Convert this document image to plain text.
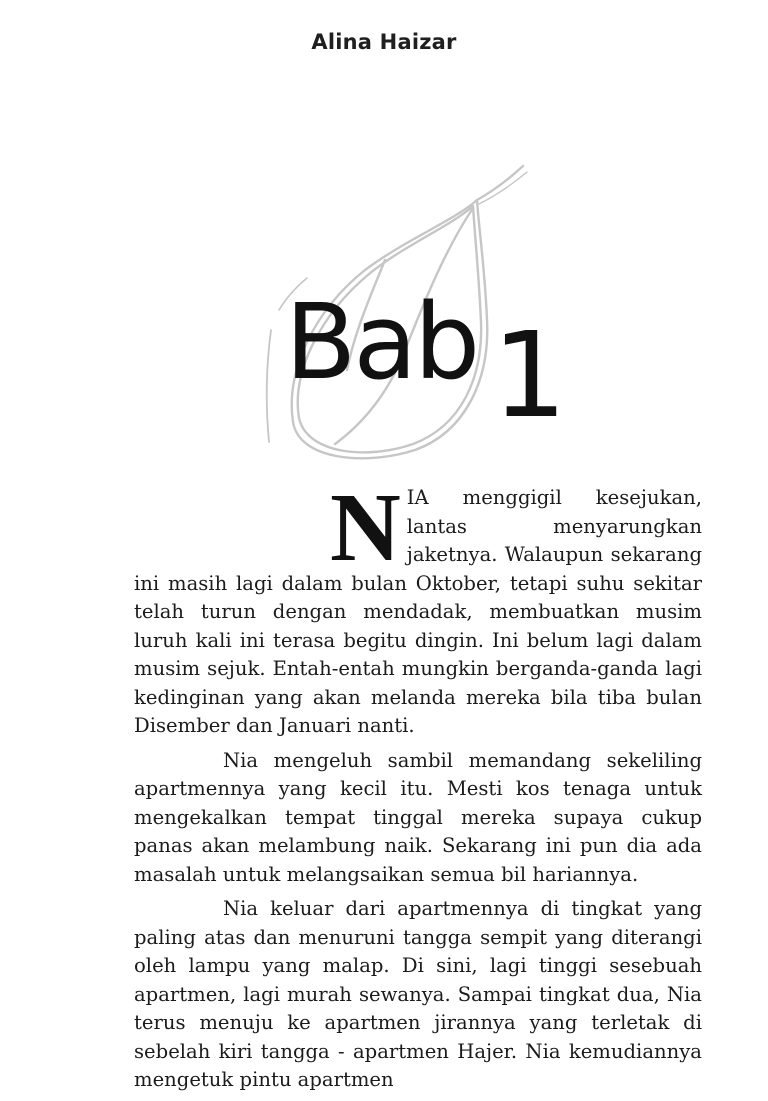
Alina Haizar
Bab 1

NIA menggigil kesejukan, lantas menyarungkan jaketnya. Walaupun sekarang ini masih lagi dalam bulan Oktober, tetapi suhu sekitar telah turun dengan mendadak, membuatkan musim luruh kali ini terasa begitu dingin. Ini belum lagi dalam musim sejuk. Entah-entah mungkin berganda-ganda lagi kedinginan yang akan melanda mereka bila tiba bulan Disember dan Januari nanti.

Nia mengeluh sambil memandang sekeliling apartmennya yang kecil itu. Mesti kos tenaga untuk mengekalkan tempat tinggal mereka supaya cukup panas akan melambung naik. Sekarang ini pun dia ada masalah untuk melangsaikan semua bil hariannya.

Nia keluar dari apartmennya di tingkat yang paling atas dan menuruni tangga sempit yang diterangi oleh lampu yang malap. Di sini, lagi tinggi sesebuah apartmen, lagi murah sewanya. Sampai tingkat dua, Nia terus menuju ke apartmen jirannya yang terletak di sebelah kiri tangga - apartmen Hajer. Nia kemudiannya mengetuk pintu apartmen
